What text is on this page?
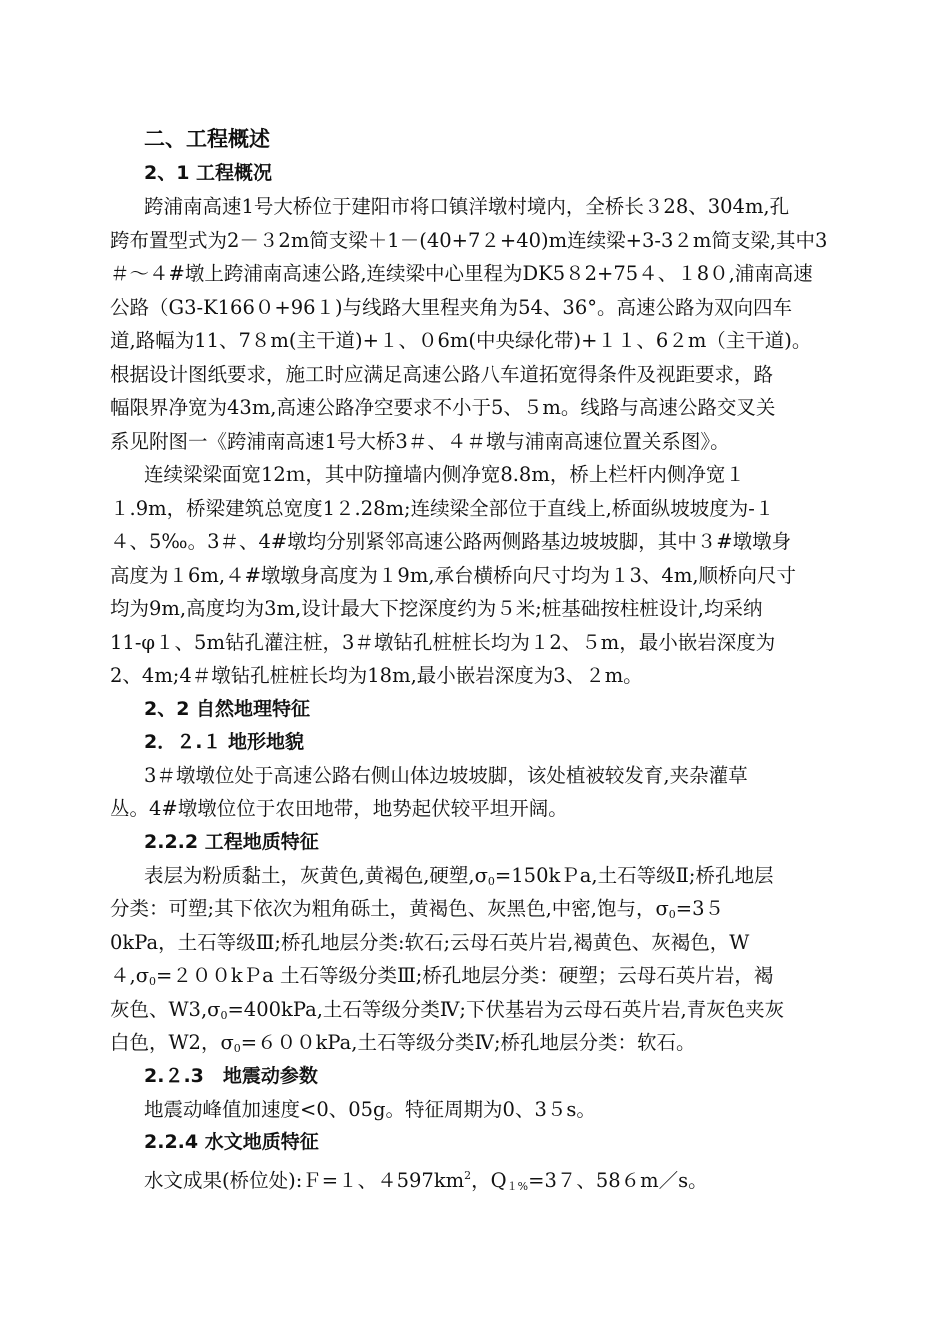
二、工程概述
2、1 工程概况
跨浦南高速1号大桥位于建阳市将口镇洋墩村境内，全桥长３28、304m,孔
跨布置型式为2－３2m简支梁＋1－(40+7２+40)m连续梁+3-3２m简支梁,其中3
＃～４#墩上跨浦南高速公路,连续梁中心里程为DK5８2+75４、１8０,浦南高速
公路（G3-K166０+96１)与线路大里程夹角为54、36°。高速公路为双向四车
道,路幅为11、7８m(主干道)+１、０6m(中央绿化带)+１１、6２m（主干道)。
根据设计图纸要求，施工时应满足高速公路八车道拓宽得条件及视距要求，路
幅限界净宽为43m,高速公路净空要求不小于5、５m。线路与高速公路交叉关
系见附图一《跨浦南高速1号大桥3＃、４＃墩与浦南高速位置关系图》。
连续梁梁面宽12ｍ，其中防撞墙内侧净宽8.8m，桥上栏杆内侧净宽１
１.9m，桥梁建筑总宽度1２.28m;连续梁全部位于直线上,桥面纵坡坡度为-１
４、5‰。3＃、4#墩均分别紧邻高速公路两侧路基边坡坡脚，其中３#墩墩身
高度为１6m,４#墩墩身高度为１9m,承台横桥向尺寸均为１3、4m,顺桥向尺寸
均为9m,高度均为3m,设计最大下挖深度约为５米;桩基础按柱桩设计,均采纳
11-φ１、5m钻孔灌注桩，3＃墩钻孔桩桩长均为１2、５m，最小嵌岩深度为
2、4m;4＃墩钻孔桩桩长均为18m,最小嵌岩深度为3、２m。
2、2 自然地理特征
2．２.１ 地形地貌
3＃墩墩位处于高速公路右侧山体边坡坡脚，该处植被较发育,夹杂灌草
丛。4#墩墩位位于农田地带，地势起伏较平坦开阔。
2.2.2 工程地质特征
表层为粉质黏土，灰黄色,黄褐色,硬塑$,\sigma_0=150kPa$,土石等级Ⅱ;桥孔地层
分类：可塑;其下依次为粗角砾土，黄褐色、灰黑色,中密,饱与，$\sigma_0=35$
0kPa，土石等级Ⅲ;桥孔地层分类:软石;云母石英片岩,褐黄色、灰褐色，W
$4,\sigma_0=200kPa$ 土石等级分类Ⅲ;桥孔地层分类：硬塑；云母石英片岩，褐
灰色、$W3,\sigma_0=400kPa$,土石等级分类Ⅳ;下伏基岩为云母石英片岩,青灰色夹灰
白色，W2，$\sigma_0=600kPa$,土石等级分类Ⅳ;桥孔地层分类：软石。
2.２.3　地震动参数
地震动峰值加速度<0、05g。特征周期为0、3５s。
2.2.4 水文地质特征
水文成果(桥位处):Ｆ=１、$4597km^2$，$Q_{1\%}=37$、58６m／s。
